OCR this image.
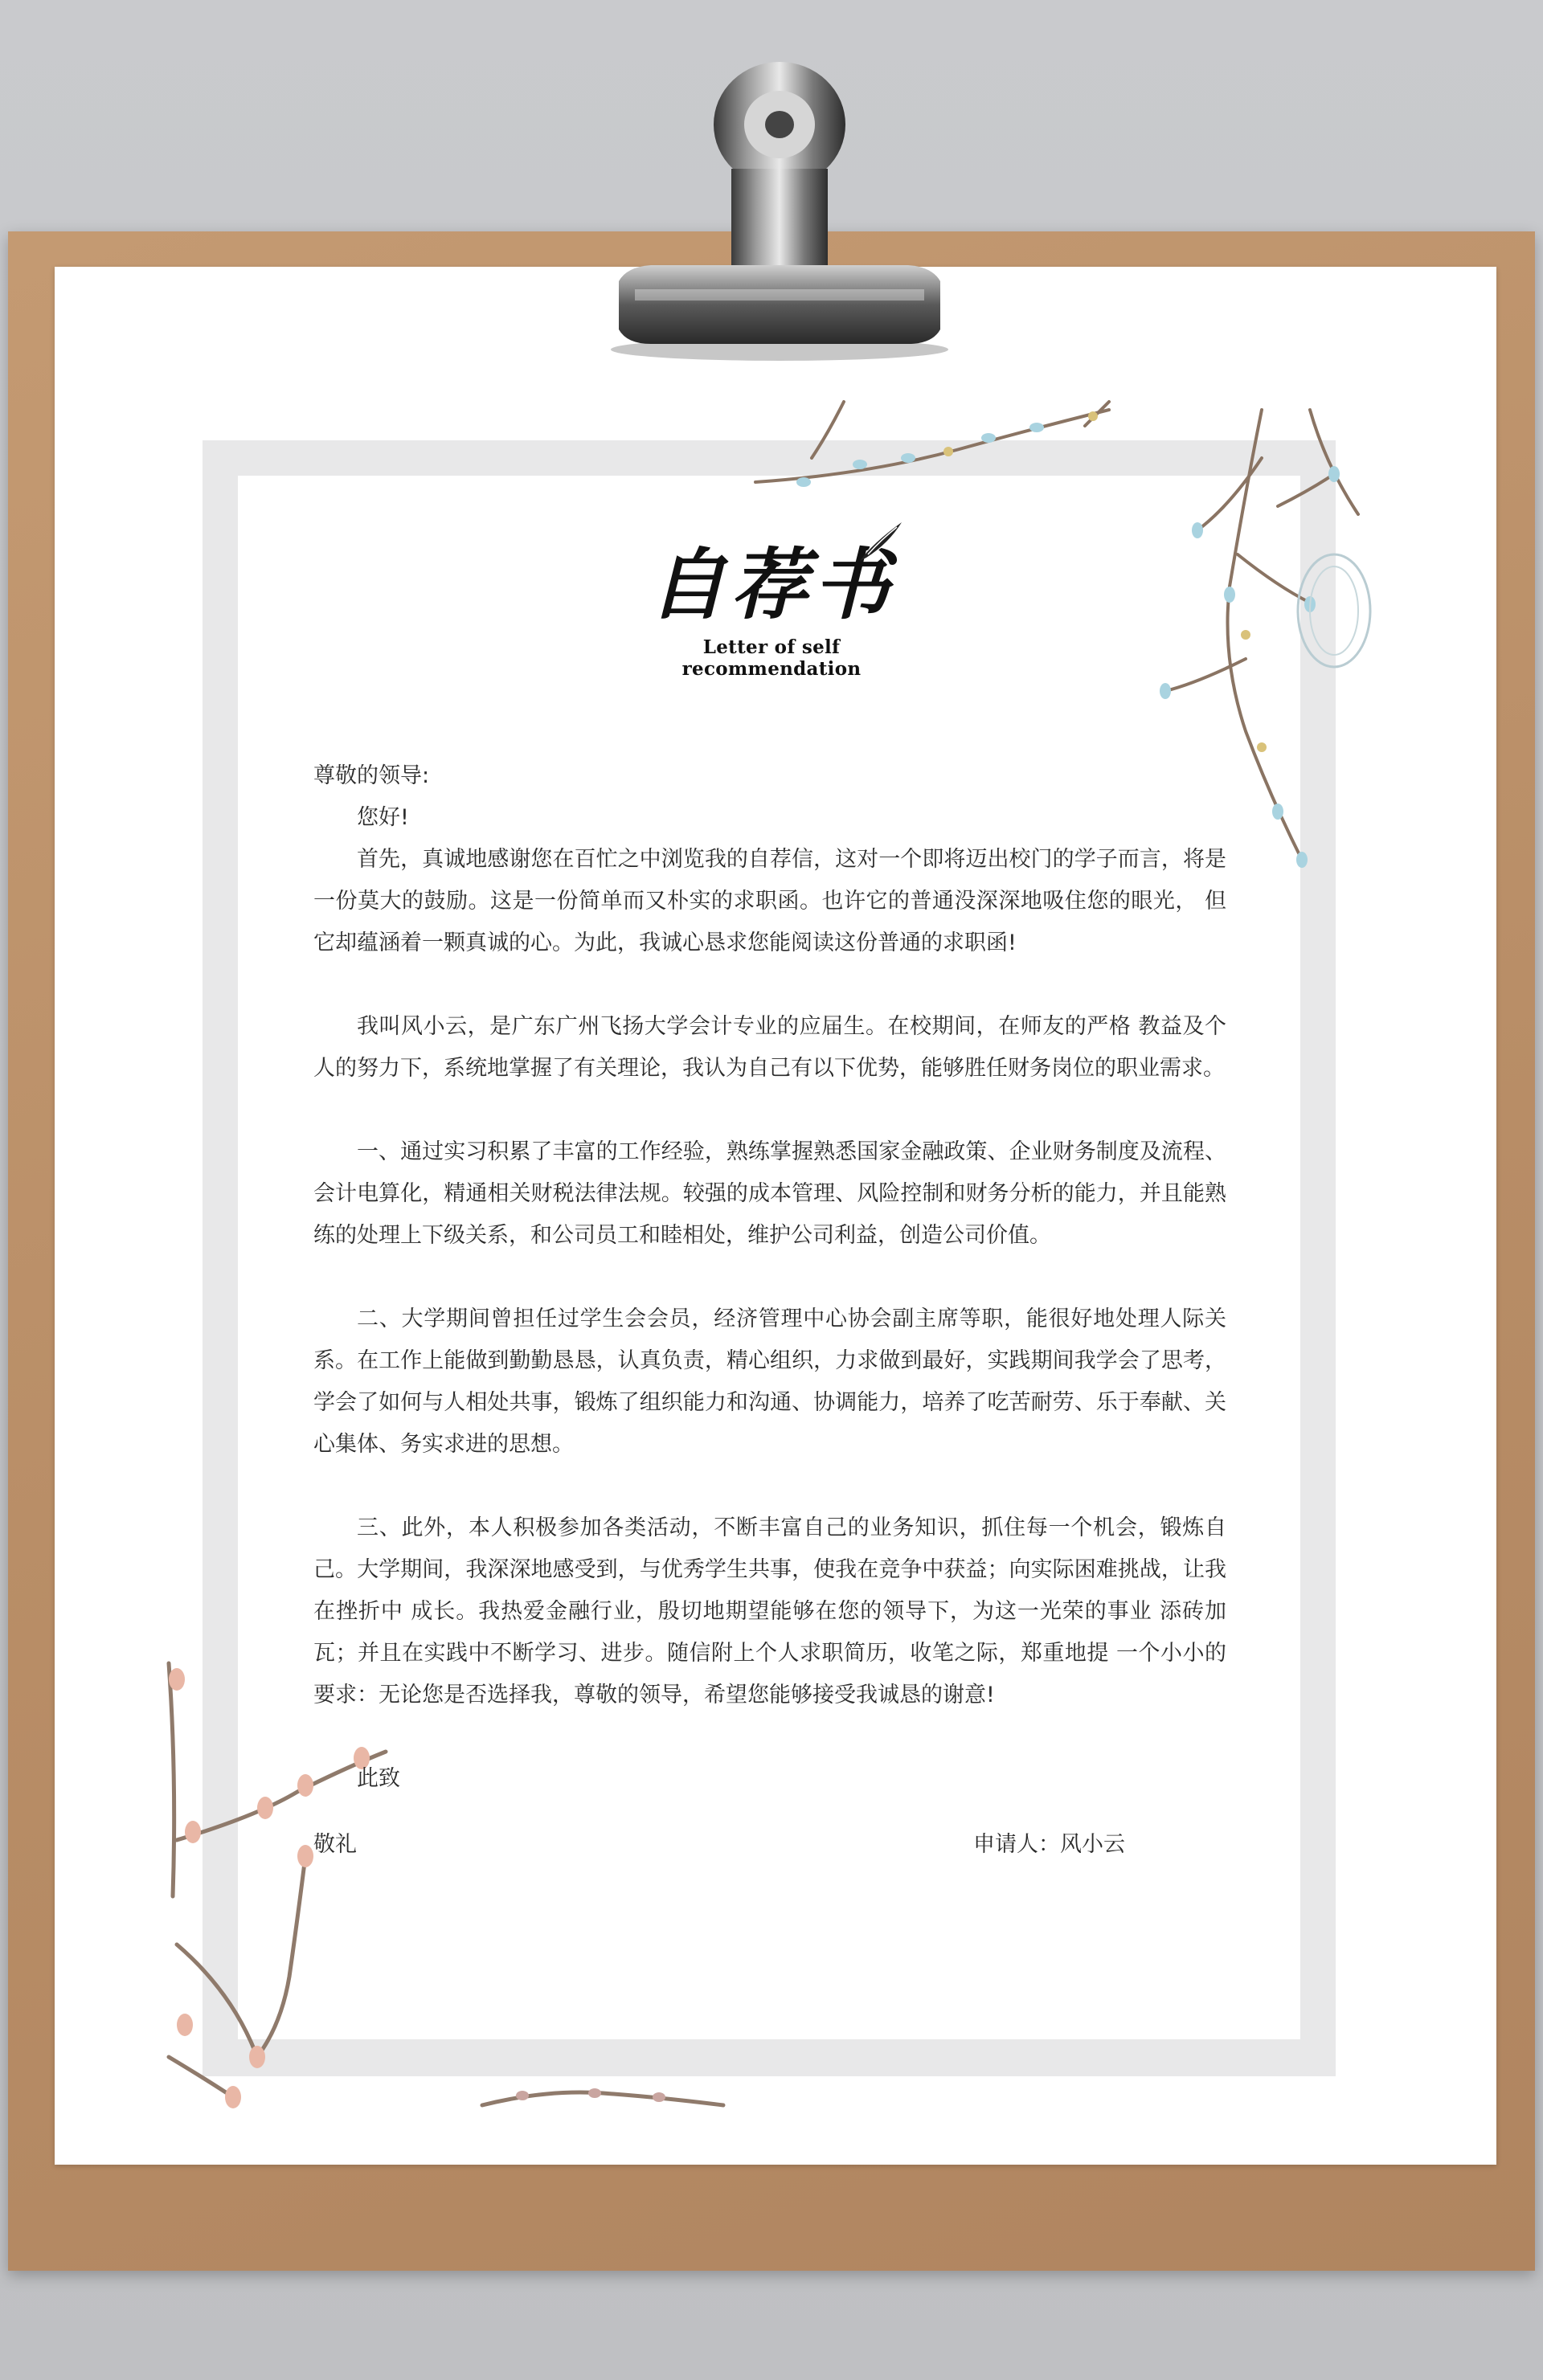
自荐书
Letter of self recommendation

尊敬的领导:

您好!

首先，真诚地感谢您在百忙之中浏览我的自荐信，这对一个即将迈出校门的学子而言，将是一份莫大的鼓励。这是一份简单而又朴实的求职函。也许它的普通没深深地吸住您的眼光， 但它却蕴涵着一颗真诚的心。为此，我诚心恳求您能阅读这份普通的求职函!

我叫风小云，是广东广州飞扬大学会计专业的应届生。在校期间，在师友的严格 教益及个人的努力下，系统地掌握了有关理论，我认为自己有以下优势，能够胜任财务岗位的职业需求。

一、通过实习积累了丰富的工作经验，熟练掌握熟悉国家金融政策、企业财务制度及流程、会计电算化，精通相关财税法律法规。较强的成本管理、风险控制和财务分析的能力，并且能熟练的处理上下级关系，和公司员工和睦相处，维护公司利益，创造公司价值。

二、大学期间曾担任过学生会会员，经济管理中心协会副主席等职，能很好地处理人际关系。在工作上能做到勤勤恳恳，认真负责，精心组织，力求做到最好，实践期间我学会了思考，学会了如何与人相处共事，锻炼了组织能力和沟通、协调能力，培养了吃苦耐劳、乐于奉献、关心集体、务实求进的思想。

三、此外，本人积极参加各类活动，不断丰富自己的业务知识，抓住每一个机会，锻炼自己。大学期间，我深深地感受到，与优秀学生共事，使我在竞争中获益；向实际困难挑战，让我在挫折中 成长。我热爱金融行业，殷切地期望能够在您的领导下，为这一光荣的事业 添砖加瓦；并且在实践中不断学习、进步。随信附上个人求职简历，收笔之际，郑重地提 一个小小的要求：无论您是否选择我，尊敬的领导，希望您能够接受我诚恳的谢意!

此致

敬礼	申请人：风小云
